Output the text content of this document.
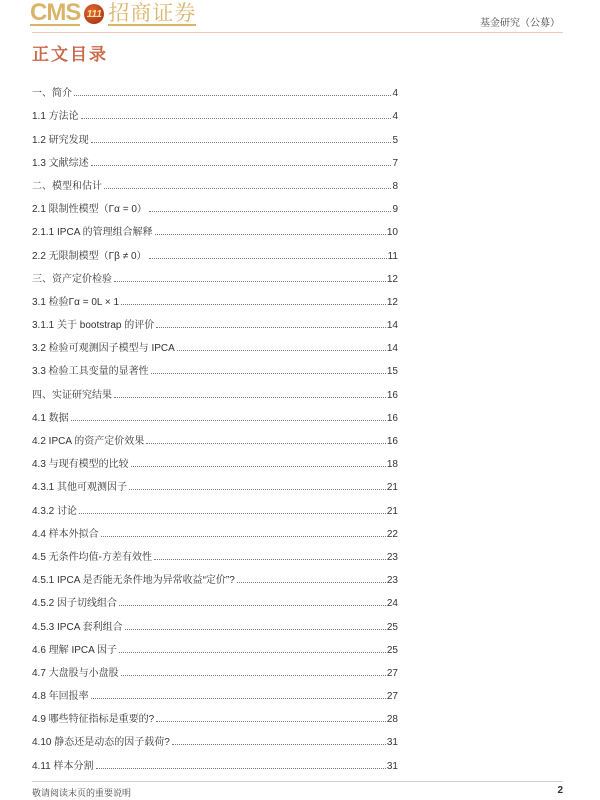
CMS 111 招商证券	基金研究（公募）
正文目录
一、简介	4
1.1 方法论	4
1.2 研究发现	5
1.3 文献综述	7
二、模型和估计	8
2.1 限制性模型（Γα = 0）	9
2.1.1 IPCA 的管理组合解释	10
2.2 无限制模型（Γβ ≠ 0）	11
三、资产定价检验	12
3.1 检验Γα = 0L × 1	12
3.1.1 关于 bootstrap 的评价	14
3.2 检验可观测因子模型与 IPCA	14
3.3 检验工具变量的显著性	15
四、实证研究结果	16
4.1 数据	16
4.2 IPCA 的资产定价效果	16
4.3 与现有模型的比较	18
4.3.1 其他可观测因子	21
4.3.2 讨论	21
4.4 样本外拟合	22
4.5 无条件均值-方差有效性	23
4.5.1 IPCA 是否能无条件地为异常收益“定价”?	23
4.5.2 因子切线组合	24
4.5.3 IPCA 套利组合	25
4.6 理解 IPCA 因子	25
4.7 大盘股与小盘股	27
4.8 年回报率	27
4.9 哪些特征指标是重要的?	28
4.10 静态还是动态的因子载荷?	31
4.11 样本分割	31
敬请阅读末页的重要说明	2
